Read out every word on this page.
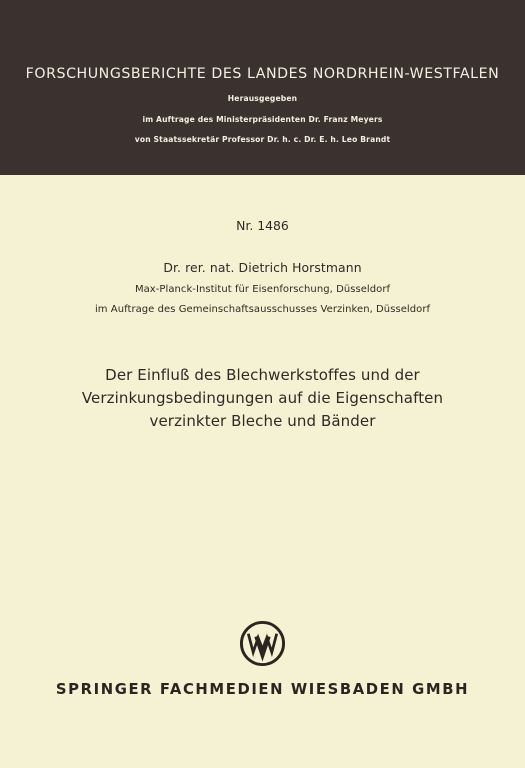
FORSCHUNGSBERICHTE DES LANDES NORDRHEIN-WESTFALEN
Herausgegeben
im Auftrage des Ministerpräsidenten Dr. Franz Meyers
von Staatssekretär Professor Dr. h. c. Dr. E. h. Leo Brandt
Nr. 1486
Dr. rer. nat. Dietrich Horstmann
Max-Planck-Institut für Eisenforschung, Düsseldorf
im Auftrage des Gemeinschaftsausschusses Verzinken, Düsseldorf
Der Einfluß des Blechwerkstoffes und der
Verzinkungsbedingungen auf die Eigenschaften
verzinkter Bleche und Bänder
SPRINGER FACHMEDIEN WIESBADEN GMBH
